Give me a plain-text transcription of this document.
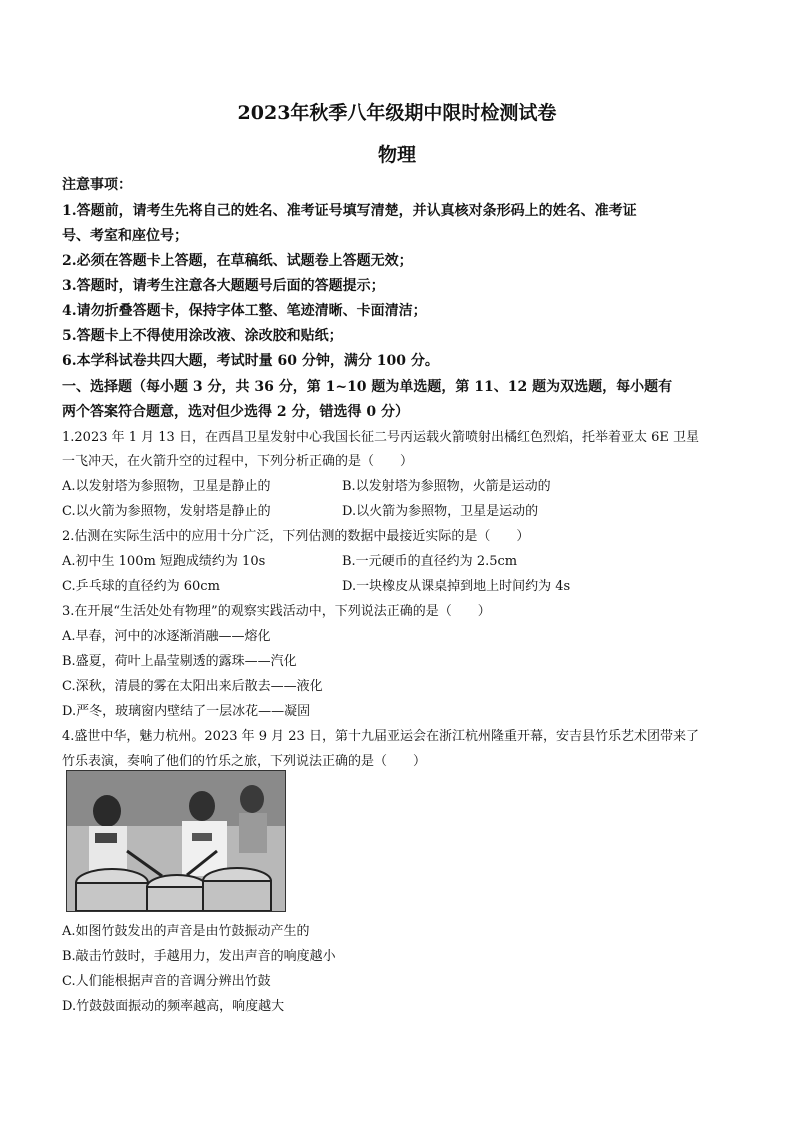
2023年秋季八年级期中限时检测试卷
物理
注意事项：
1.答题前，请考生先将自己的姓名、准考证号填写清楚，并认真核对条形码上的姓名、准考证
号、考室和座位号；
2.必须在答题卡上答题，在草稿纸、试题卷上答题无效；
3.答题时，请考生注意各大题题号后面的答题提示；
4.请勿折叠答题卡，保持字体工整、笔迹清晰、卡面清洁；
5.答题卡上不得使用涂改液、涂改胶和贴纸；
6.本学科试卷共四大题，考试时量 60 分钟，满分 100 分。
一、选择题（每小题 3 分，共 36 分，第 1~10 题为单选题，第 11、12 题为双选题，每小题有
两个答案符合题意，选对但少选得 2 分，错选得 0 分）
1.2023 年 1 月 13 日，在西昌卫星发射中心我国长征二号丙运载火箭喷射出橘红色烈焰，托举着亚太 6E 卫星
一飞冲天，在火箭升空的过程中，下列分析正确的是（　　）
A.以发射塔为参照物，卫星是静止的	B.以发射塔为参照物，火箭是运动的
C.以火箭为参照物，发射塔是静止的	D.以火箭为参照物，卫星是运动的
2.估测在实际生活中的应用十分广泛，下列估测的数据中最接近实际的是（　　）
A.初中生 100m 短跑成绩约为 10s	B.一元硬币的直径约为 2.5cm
C.乒乓球的直径约为 60cm	D.一块橡皮从课桌掉到地上时间约为 4s
3.在开展“生活处处有物理”的观察实践活动中，下列说法正确的是（　　）
A.早春，河中的冰逐渐消融——熔化
B.盛夏，荷叶上晶莹剔透的露珠——汽化
C.深秋，清晨的雾在太阳出来后散去——液化
D.严冬，玻璃窗内壁结了一层冰花——凝固
4.盛世中华，魅力杭州。2023 年 9 月 23 日，第十九届亚运会在浙江杭州隆重开幕，安吉县竹乐艺术团带来了
竹乐表演，奏响了他们的竹乐之旅，下列说法正确的是（　　）
A.如图竹鼓发出的声音是由竹鼓振动产生的
B.敲击竹鼓时，手越用力，发出声音的响度越小
C.人们能根据声音的音调分辨出竹鼓
D.竹鼓鼓面振动的频率越高，响度越大
